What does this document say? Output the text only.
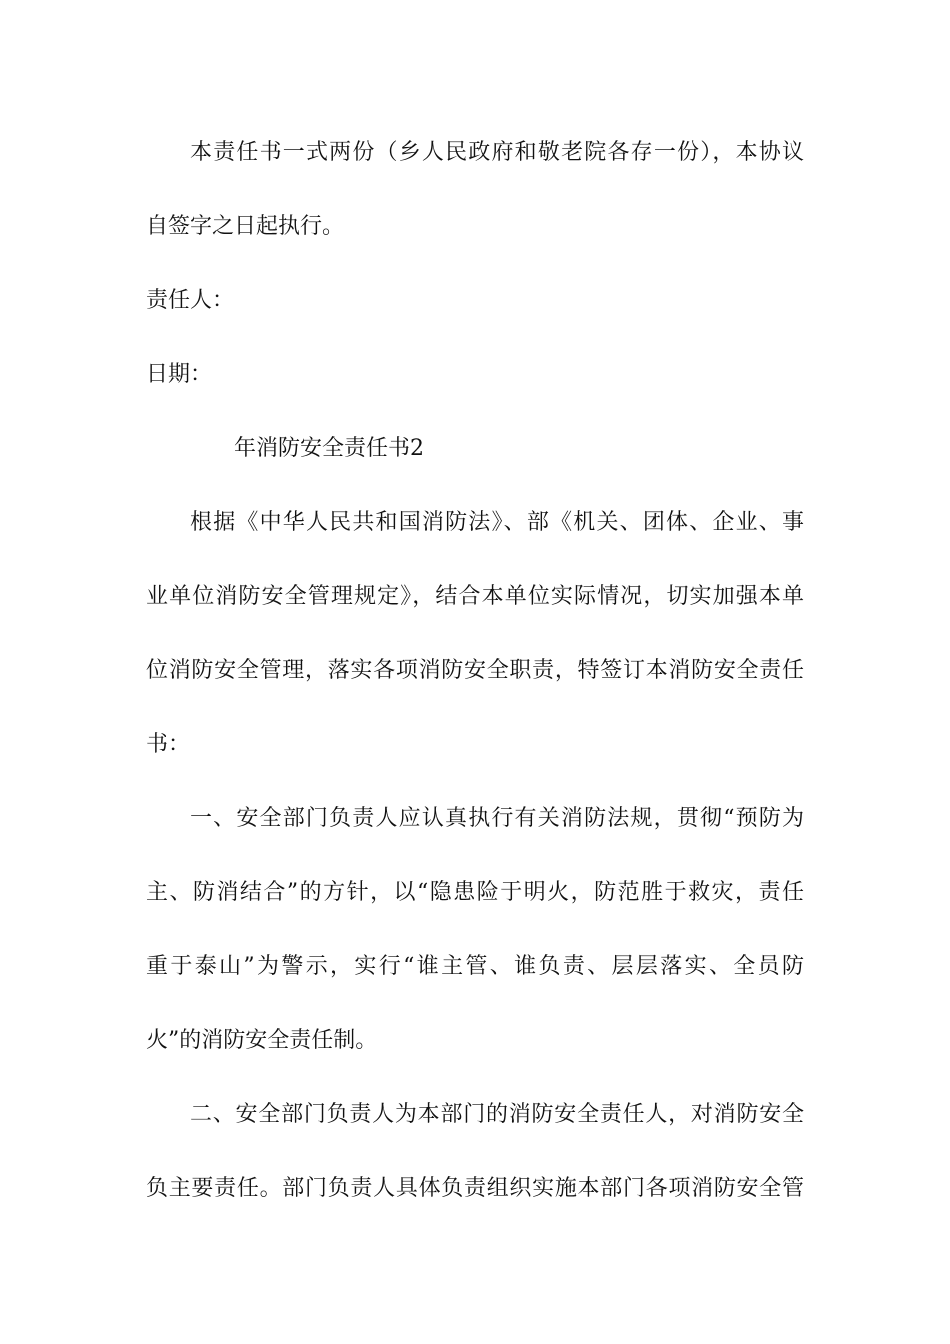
本责任书一式两份（乡人民政府和敬老院各存一份），本协议

自签字之日起执行。

责任人：

日期：

年消防安全责任书2

根据《中华人民共和国消防法》、部《机关、团体、企业、事

业单位消防安全管理规定》，结合本单位实际情况，切实加强本单

位消防安全管理，落实各项消防安全职责，特签订本消防安全责任

书：

一、安全部门负责人应认真执行有关消防法规，贯彻“预防为

主、防消结合”的方针，以“隐患险于明火，防范胜于救灾，责任

重于泰山”为警示，实行“谁主管、谁负责、层层落实、全员防

火”的消防安全责任制。

二、安全部门负责人为本部门的消防安全责任人，对消防安全

负主要责任。部门负责人具体负责组织实施本部门各项消防安全管
